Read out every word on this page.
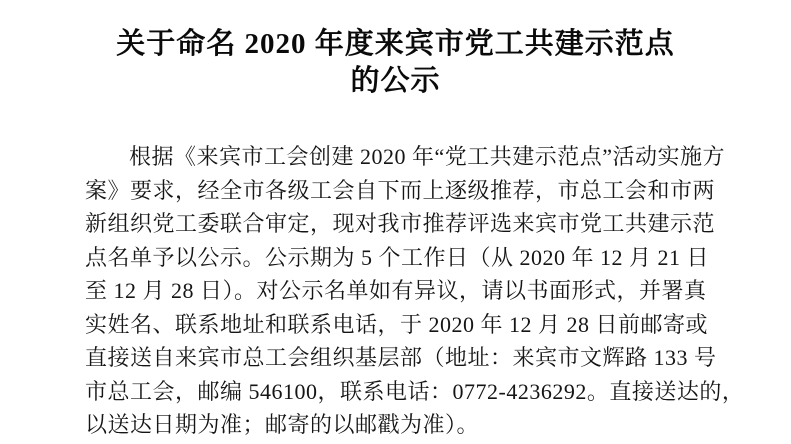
关于命名 2020 年度来宾市党工共建示范点
的公示
根据《来宾市工会创建 2020 年“党工共建示范点”活动实施方
案》要求，经全市各级工会自下而上逐级推荐，市总工会和市两
新组织党工委联合审定，现对我市推荐评选来宾市党工共建示范
点名单予以公示。公示期为 5 个工作日（从 2020 年 12 月 21 日
至 12 月 28 日）。对公示名单如有异议，请以书面形式，并署真
实姓名、联系地址和联系电话，于 2020 年 12 月 28 日前邮寄或
直接送自来宾市总工会组织基层部（地址：来宾市文辉路 133 号
市总工会，邮编 546100，联系电话：0772-4236292。直接送达的，
以送达日期为准；邮寄的以邮戳为准）。
